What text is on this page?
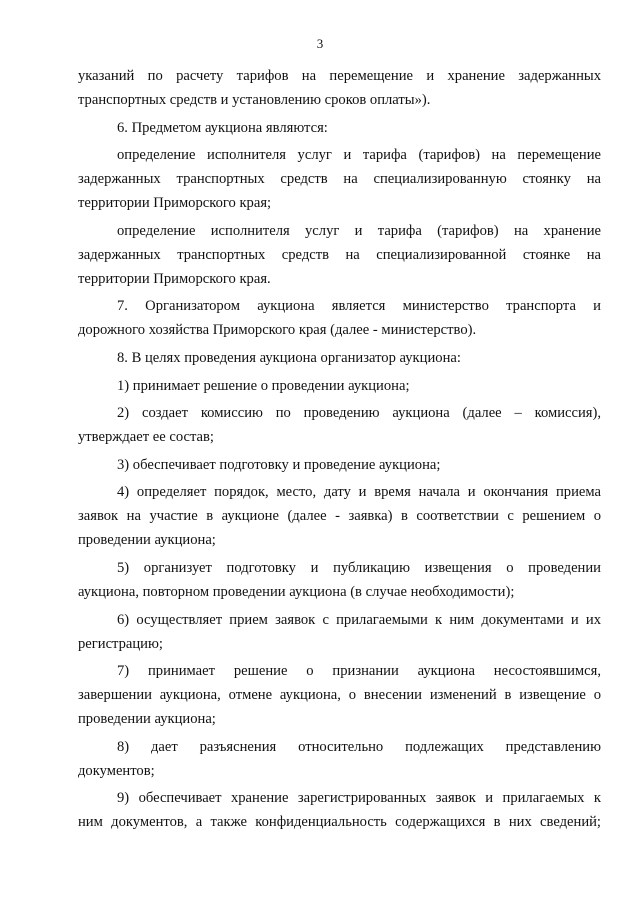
3
указаний по расчету тарифов на перемещение и хранение задержанных
транспортных средств и установлению сроков оплаты»).
6. Предметом аукциона являются:
определение исполнителя услуг и тарифа (тарифов) на перемещение
задержанных транспортных средств на специализированную стоянку на
территории Приморского края;
определение исполнителя услуг и тарифа (тарифов) на хранение
задержанных транспортных средств на специализированной стоянке на
территории Приморского края.
7. Организатором аукциона является министерство транспорта и
дорожного хозяйства Приморского края (далее - министерство).
8. В целях проведения аукциона организатор аукциона:
1) принимает решение о проведении аукциона;
2) создает комиссию по проведению аукциона (далее – комиссия),
утверждает ее состав;
3) обеспечивает подготовку и проведение аукциона;
4) определяет порядок, место, дату и время начала и окончания приема
заявок на участие в аукционе (далее - заявка) в соответствии с решением о
проведении аукциона;
5) организует подготовку и публикацию извещения о проведении
аукциона, повторном проведении аукциона (в случае необходимости);
6) осуществляет прием заявок с прилагаемыми к ним документами и их
регистрацию;
7) принимает решение о признании аукциона несостоявшимся,
завершении аукциона, отмене аукциона, о внесении изменений в извещение о
проведении аукциона;
8) дает разъяснения относительно подлежащих представлению
документов;
9) обеспечивает хранение зарегистрированных заявок и прилагаемых к
ним документов, а также конфиденциальность содержащихся в них сведений;
